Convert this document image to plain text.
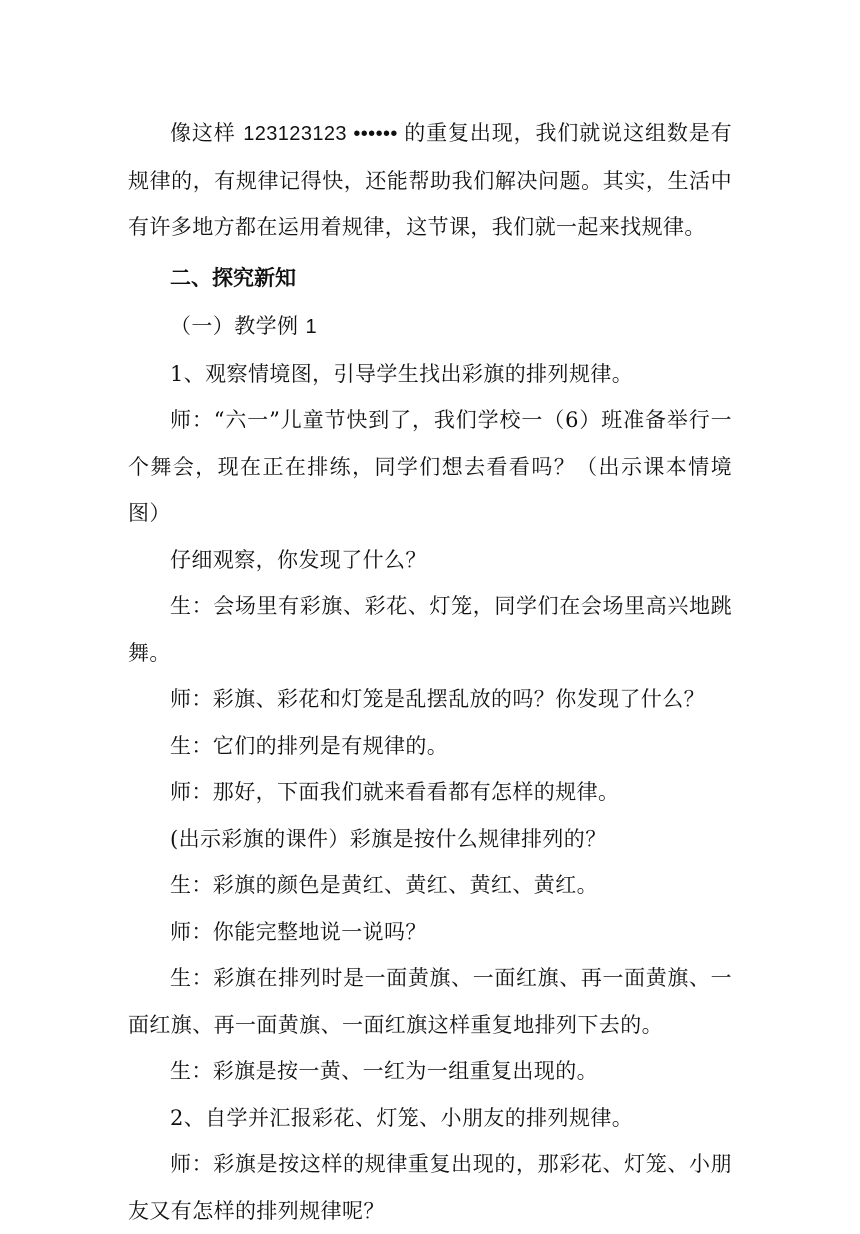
像这样 123123123 •••••• 的重复出现，我们就说这组数是有规律的，有规律记得快，还能帮助我们解决问题。其实，生活中有许多地方都在运用着规律，这节课，我们就一起来找规律。

二、探究新知

（一）教学例 1

1、观察情境图，引导学生找出彩旗的排列规律。

师：“六一”儿童节快到了，我们学校一（6）班准备举行一个舞会，现在正在排练，同学们想去看看吗？（出示课本情境图）

仔细观察，你发现了什么？

生：会场里有彩旗、彩花、灯笼，同学们在会场里高兴地跳舞。

师：彩旗、彩花和灯笼是乱摆乱放的吗？你发现了什么？

生：它们的排列是有规律的。

师：那好，下面我们就来看看都有怎样的规律。

(出示彩旗的课件）彩旗是按什么规律排列的？

生：彩旗的颜色是黄红、黄红、黄红、黄红。

师：你能完整地说一说吗？

生：彩旗在排列时是一面黄旗、一面红旗、再一面黄旗、一面红旗、再一面黄旗、一面红旗这样重复地排列下去的。

生：彩旗是按一黄、一红为一组重复出现的。

2、自学并汇报彩花、灯笼、小朋友的排列规律。

师：彩旗是按这样的规律重复出现的，那彩花、灯笼、小朋友又有怎样的排列规律呢？
